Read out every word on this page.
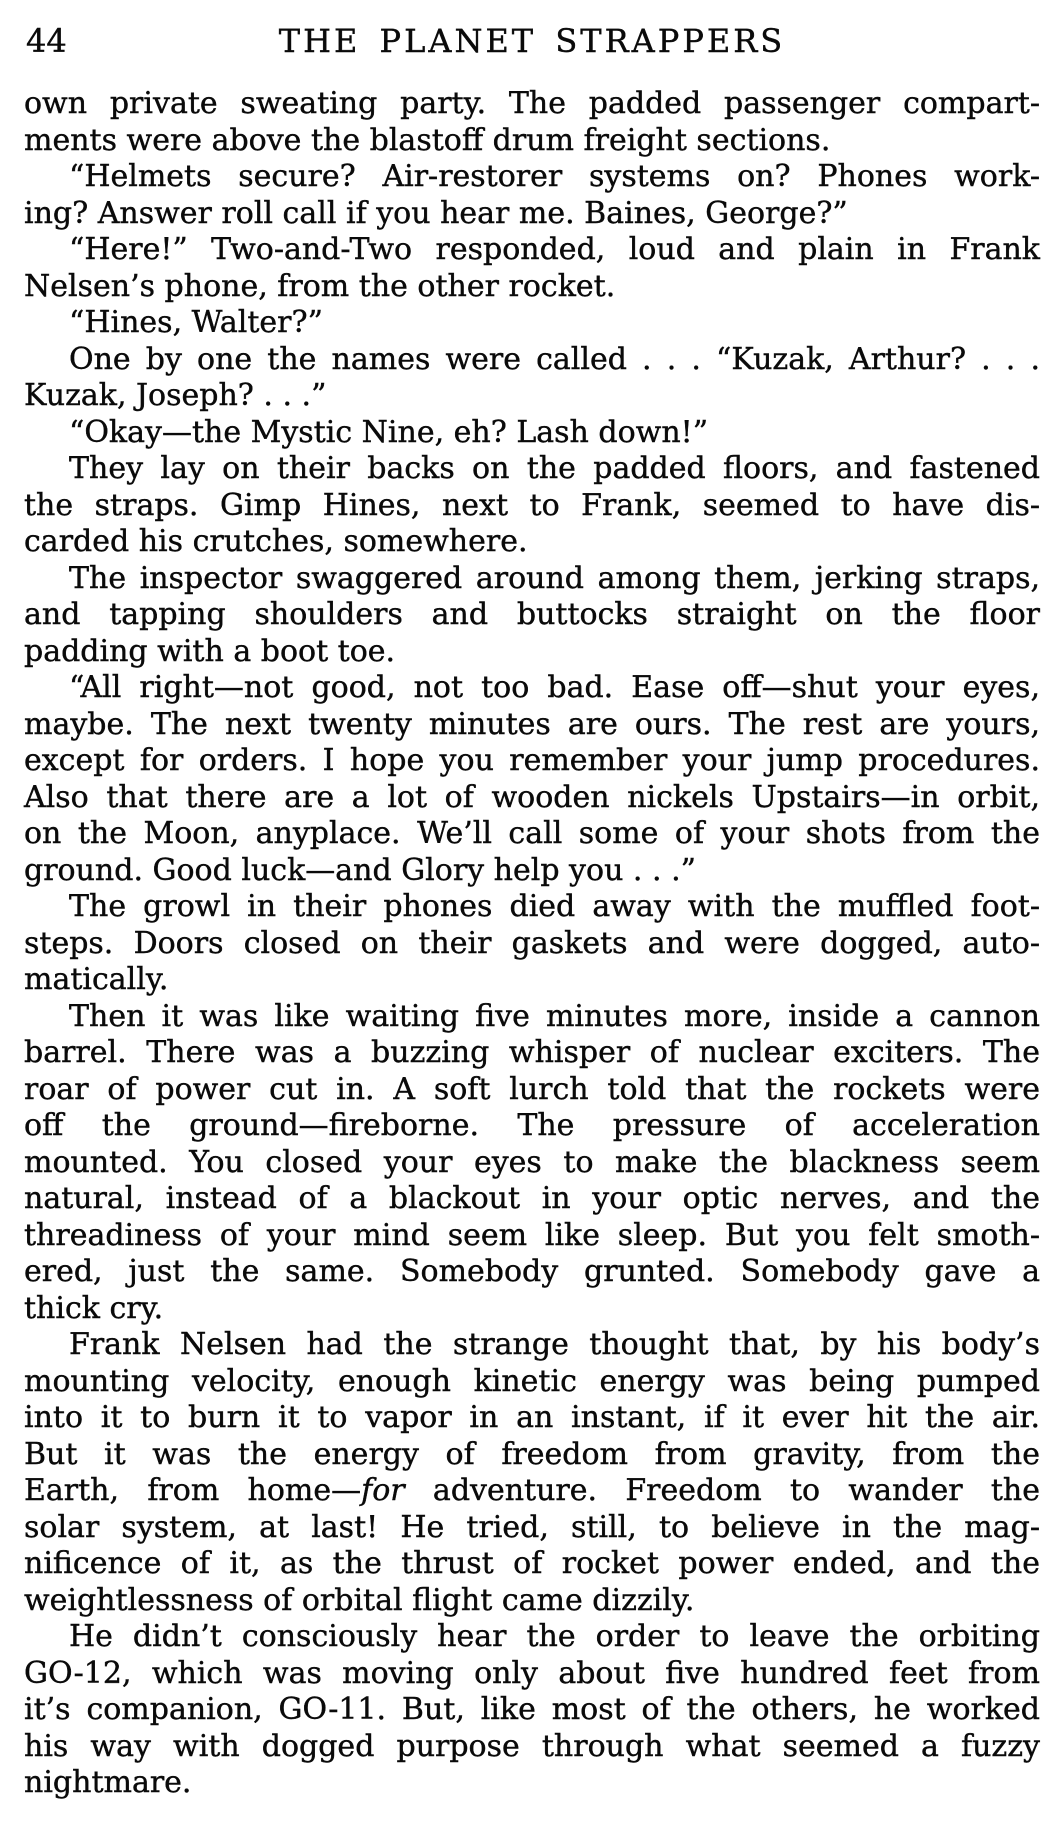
44	THE PLANET STRAPPERS

own private sweating party. The padded passenger compart-
ments were above the blastoff drum freight sections.

“Helmets secure? Air-restorer systems on? Phones work-
ing? Answer roll call if you hear me. Baines, George?”

“Here!” Two-and-Two responded, loud and plain in Frank
Nelsen’s phone, from the other rocket.

“Hines, Walter?”

One by one the names were called . . . “Kuzak, Arthur? . . .
Kuzak, Joseph? . . .”

“Okay—the Mystic Nine, eh? Lash down!”

They lay on their backs on the padded floors, and fastened
the straps. Gimp Hines, next to Frank, seemed to have dis-
carded his crutches, somewhere.

The inspector swaggered around among them, jerking straps,
and tapping shoulders and buttocks straight on the floor
padding with a boot toe.

“All right—not good, not too bad. Ease off—shut your eyes,
maybe. The next twenty minutes are ours. The rest are yours,
except for orders. I hope you remember your jump procedures.
Also that there are a lot of wooden nickels Upstairs—in orbit,
on the Moon, anyplace. We’ll call some of your shots from the
ground. Good luck—and Glory help you . . .”

The growl in their phones died away with the muffled foot-
steps. Doors closed on their gaskets and were dogged, auto-
matically.

Then it was like waiting five minutes more, inside a cannon
barrel. There was a buzzing whisper of nuclear exciters. The
roar of power cut in. A soft lurch told that the rockets were
off the ground—fireborne. The pressure of acceleration
mounted. You closed your eyes to make the blackness seem
natural, instead of a blackout in your optic nerves, and the
threadiness of your mind seem like sleep. But you felt smoth-
ered, just the same. Somebody grunted. Somebody gave a
thick cry.

Frank Nelsen had the strange thought that, by his body’s
mounting velocity, enough kinetic energy was being pumped
into it to burn it to vapor in an instant, if it ever hit the air.
But it was the energy of freedom from gravity, from the
Earth, from home—for adventure. Freedom to wander the
solar system, at last! He tried, still, to believe in the mag-
nificence of it, as the thrust of rocket power ended, and the
weightlessness of orbital flight came dizzily.

He didn’t consciously hear the order to leave the orbiting
GO-12, which was moving only about five hundred feet from
it’s companion, GO-11. But, like most of the others, he worked
his way with dogged purpose through what seemed a fuzzy
nightmare.
